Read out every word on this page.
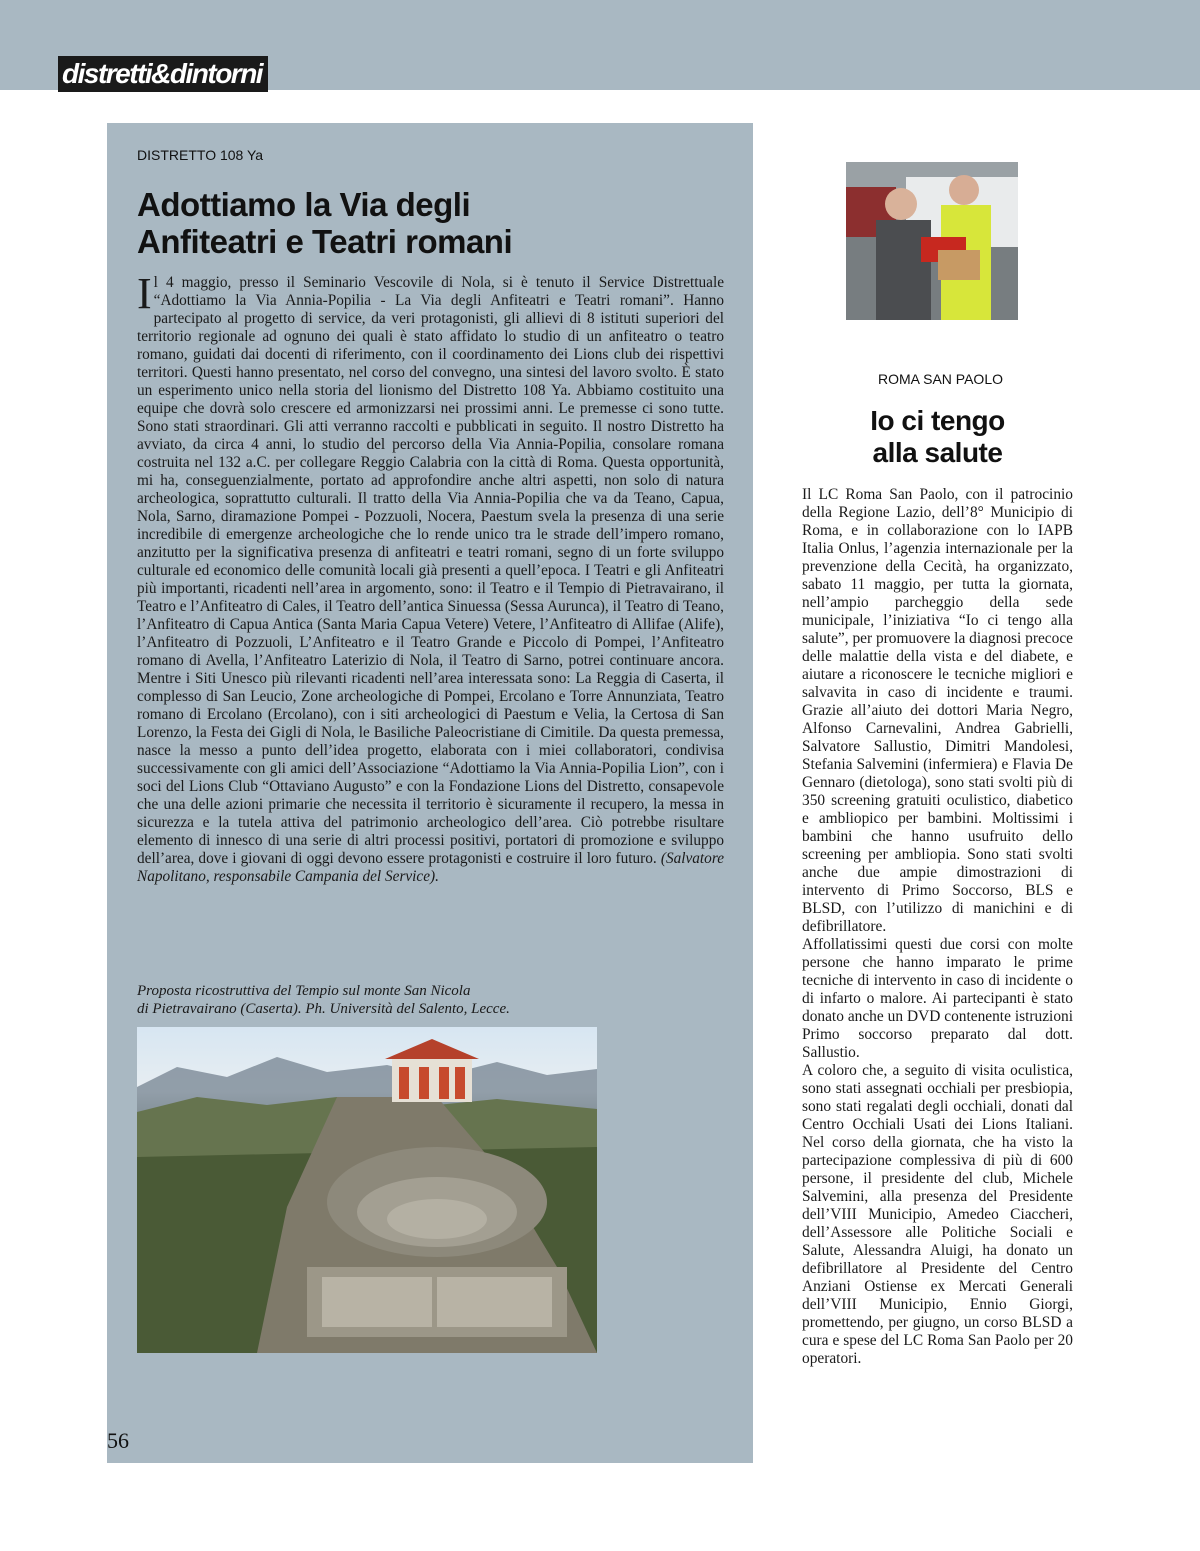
distretti&dintorni
DISTRETTO 108 Ya
Adottiamo la Via degli
Anfiteatri e Teatri romani

Il 4 maggio, presso il Seminario Vescovile di Nola, si è tenuto il Service Distrettuale “Adottiamo la Via Annia-Popilia - La Via degli Anfiteatri e Teatri romani”. Hanno partecipato al progetto di service, da veri protagonisti, gli allievi di 8 istituti superiori del territorio regionale ad ognuno dei quali è stato affidato lo studio di un anfiteatro o teatro romano, guidati dai docenti di riferimento, con il coordinamento dei Lions club dei rispettivi territori. Questi hanno presentato, nel corso del convegno, una sintesi del lavoro svolto. È stato un esperimento unico nella storia del lionismo del Distretto 108 Ya. Abbiamo costituito una equipe che dovrà solo crescere ed armonizzarsi nei prossimi anni. Le premesse ci sono tutte. Sono stati straordinari. Gli atti verranno raccolti e pubblicati in seguito. Il nostro Distretto ha avviato, da circa 4 anni, lo studio del percorso della Via Annia-Popilia, consolare romana costruita nel 132 a.C. per collegare Reggio Calabria con la città di Roma. Questa opportunità, mi ha, conseguenzialmente, portato ad approfondire anche altri aspetti, non solo di natura archeologica, soprattutto culturali. Il tratto della Via Annia-Popilia che va da Teano, Capua, Nola, Sarno, diramazione Pompei - Pozzuoli, Nocera, Paestum svela la presenza di una serie incredibile di emergenze archeologiche che lo rende unico tra le strade dell’impero romano, anzitutto per la significativa presenza di anfiteatri e teatri romani, segno di un forte sviluppo culturale ed economico delle comunità locali già presenti a quell’epoca. I Teatri e gli Anfiteatri più importanti, ricadenti nell’area in argomento, sono: il Teatro e il Tempio di Pietravairano, il Teatro e l’Anfiteatro di Cales, il Teatro dell’antica Sinuessa (Sessa Aurunca), il Teatro di Teano, l’Anfiteatro di Capua Antica (Santa Maria Capua Vetere) Vetere, l’Anfiteatro di Allifae (Alife), l’Anfiteatro di Pozzuoli, L’Anfiteatro e il Teatro Grande e Piccolo di Pompei, l’Anfiteatro romano di Avella, l’Anfiteatro Laterizio di Nola, il Teatro di Sarno, potrei continuare ancora. Mentre i Siti Unesco più rilevanti ricadenti nell’area interessata sono: La Reggia di Caserta, il complesso di San Leucio, Zone archeologiche di Pompei, Ercolano e Torre Annunziata, Teatro romano di Ercolano (Ercolano), con i siti archeologici di Paestum e Velia, la Certosa di San Lorenzo, la Festa dei Gigli di Nola, le Basiliche Paleocristiane di Cimitile. Da questa premessa, nasce la messo a punto dell’idea progetto, elaborata con i miei collaboratori, condivisa successivamente con gli amici dell’Associazione “Adottiamo la Via Annia-Popilia Lion”, con i soci del Lions Club “Ottaviano Augusto” e con la Fondazione Lions del Distretto, consapevole che una delle azioni primarie che necessita il territorio è sicuramente il recupero, la messa in sicurezza e la tutela attiva del patrimonio archeologico dell’area. Ciò potrebbe risultare elemento di innesco di una serie di altri processi positivi, portatori di promozione e sviluppo dell’area, dove i giovani di oggi devono essere protagonisti e costruire il loro futuro. (Salvatore Napolitano, responsabile Campania del Service).

Proposta ricostruttiva del Tempio sul monte San Nicola
di Pietravairano (Caserta). Ph. Università del Salento, Lecce.

ROMA SAN PAOLO
Io ci tengo
alla salute

Il LC Roma San Paolo, con il patrocinio della Regione Lazio, dell’8° Municipio di Roma, e in collaborazione con lo IAPB Italia Onlus, l’agenzia internazionale per la prevenzione della Cecità, ha organizzato, sabato 11 maggio, per tutta la giornata, nell’ampio parcheggio della sede municipale, l’iniziativa “Io ci tengo alla salute”, per promuovere la diagnosi precoce delle malattie della vista e del diabete, e aiutare a riconoscere le tecniche migliori e salvavita in caso di incidente e traumi. Grazie all’aiuto dei dottori Maria Negro, Alfonso Carnevalini, Andrea Gabrielli, Salvatore Sallustio, Dimitri Mandolesi, Stefania Salvemini (infermiera) e Flavia De Gennaro (dietologa), sono stati svolti più di 350 screening gratuiti oculistico, diabetico e ambliopico per bambini. Moltissimi i bambini che hanno usufruito dello screening per ambliopia. Sono stati svolti anche due ampie dimostrazioni di intervento di Primo Soccorso, BLS e BLSD, con l’utilizzo di manichini e di defibrillatore.

Affollatissimi questi due corsi con molte persone che hanno imparato le prime tecniche di intervento in caso di incidente o di infarto o malore. Ai partecipanti è stato donato anche un DVD contenente istruzioni Primo soccorso preparato dal dott. Sallustio.

A coloro che, a seguito di visita oculistica, sono stati assegnati occhiali per presbiopia, sono stati regalati degli occhiali, donati dal Centro Occhiali Usati dei Lions Italiani. Nel corso della giornata, che ha visto la partecipazione complessiva di più di 600 persone, il presidente del club, Michele Salvemini, alla presenza del Presidente dell’VIII Municipio, Amedeo Ciaccheri, dell’Assessore alle Politiche Sociali e Salute, Alessandra Aluigi, ha donato un defibrillatore al Presidente del Centro Anziani Ostiense ex Mercati Generali dell’VIII Municipio, Ennio Giorgi, promettendo, per giugno, un corso BLSD a cura e spese del LC Roma San Paolo per 20 operatori.

56
